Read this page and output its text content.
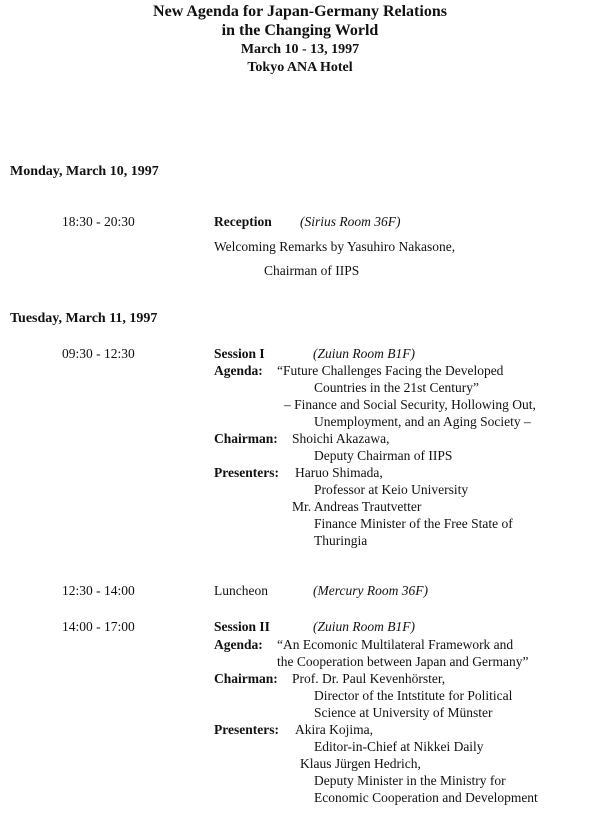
New Agenda for Japan-Germany Relations
in the Changing World
March 10 - 13, 1997
Tokyo ANA Hotel
Monday, March 10, 1997
18:30 - 20:30	Reception (Sirius Room 36F)
Welcoming Remarks by Yasuhiro Nakasone,
Chairman of IIPS
Tuesday, March 11, 1997
09:30 - 12:30	Session I	(Zuiun Room B1F)
Agenda: “Future Challenges Facing the Developed
Countries in the 21st Century”
– Finance and Social Security, Hollowing Out,
Unemployment, and an Aging Society –
Chairman: Shoichi Akazawa,
Deputy Chairman of IIPS
Presenters: Haruo Shimada,
Professor at Keio University
Mr. Andreas Trautvetter
Finance Minister of the Free State of
Thuringia
12:30 - 14:00	Luncheon	(Mercury Room 36F)
14:00 - 17:00	Session II	(Zuiun Room B1F)
Agenda: “An Ecomonic Multilateral Framework and
the Cooperation between Japan and Germany”
Chairman: Prof. Dr. Paul Kevenhörster,
Director of the Intstitute for Political
Science at University of Münster
Presenters: Akira Kojima,
Editor-in-Chief at Nikkei Daily
Klaus Jürgen Hedrich,
Deputy Minister in the Ministry for
Economic Cooperation and Development
